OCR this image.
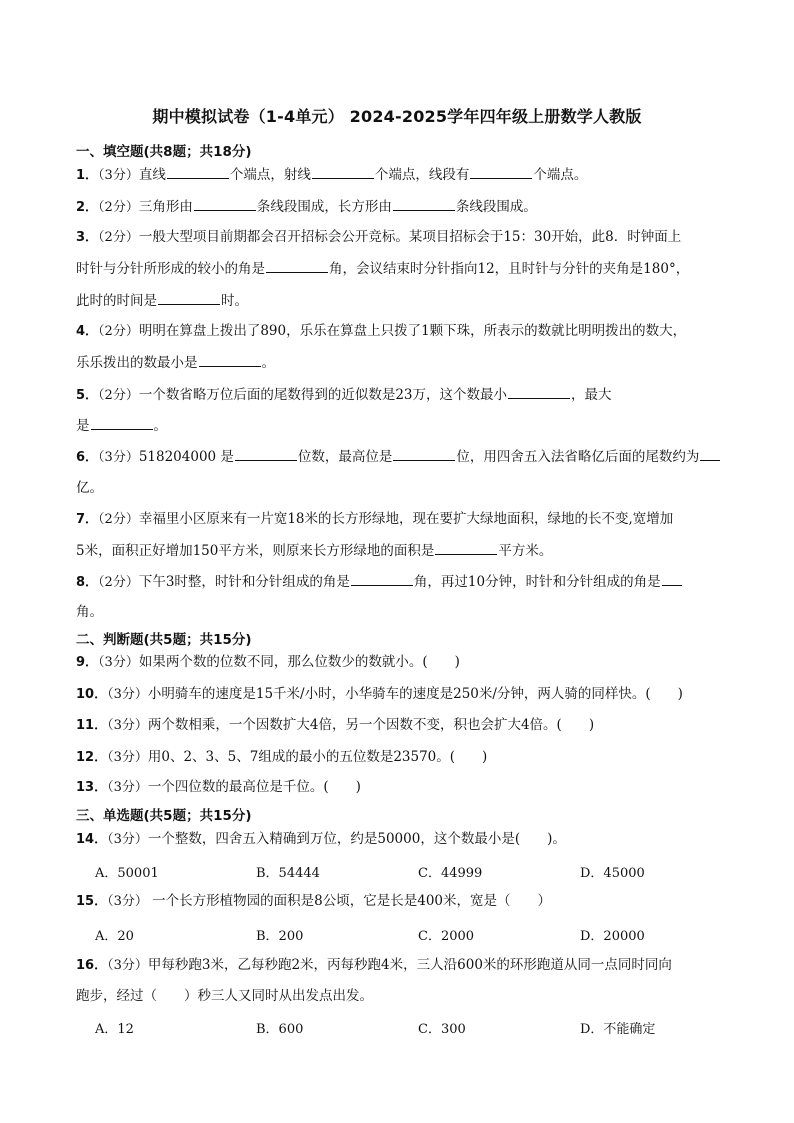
期中模拟试卷（1-4单元） 2024-2025学年四年级上册数学人教版
一、填空题(共8题；共18分)
1．（3分）直线	个端点，射线	个端点，线段有	个端点。
2．（2分）三角形由	条线段围成，长方形由	条线段围成。
3．（2分）一般大型项目前期都会召开招标会公开竞标。某项目招标会于15：30开始，此8．时钟面上
时针与分针所形成的较小的角是	角，会议结束时分针指向12，且时针与分针的夹角是180°，
此时的时间是	时。
4．（2分）明明在算盘上拨出了890，乐乐在算盘上只拨了1颗下珠，所表示的数就比明明拨出的数大，
乐乐拨出的数最小是	。
5．（2分）一个数省略万位后面的尾数得到的近似数是23万，这个数最小	，最大
是	。
6．（3分）518204000 是	位数，最高位是	位，用四舍五入法省略亿后面的尾数约为
亿。
7．（2分）幸福里小区原来有一片宽18米的长方形绿地，现在要扩大绿地面积，绿地的长不变,宽增加
5米，面积正好增加150平方米，则原来长方形绿地的面积是	平方米。
8．（2分）下午3时整，时针和分针组成的角是	角，再过10分钟，时针和分针组成的角是
角。
二、判断题(共5题；共15分)
9．（3分）如果两个数的位数不同，那么位数少的数就小。(　　)
10．（3分）小明骑车的速度是15千米/小时，小华骑车的速度是250米/分钟，两人骑的同样快。(　　)
11．（3分）两个数相乘，一个因数扩大4倍，另一个因数不变，积也会扩大4倍。(　　)
12．（3分）用0、2、3、5、7组成的最小的五位数是23570。(　　)
13．（3分）一个四位数的最高位是千位。(　　)
三、单选题(共5题；共15分)
14．（3分）一个整数，四舍五入精确到万位，约是50000，这个数最小是(　　)。
A．50001	B．54444	C．44999	D．45000
15．（3分） 一个长方形植物园的面积是8公顷，它是长是400米，宽是（　　）
A．20	B．200	C．2000	D．20000
16．（3分）甲每秒跑3米，乙每秒跑2米，丙每秒跑4米，三人沿600米的环形跑道从同一点同时同向
跑步，经过（　　）秒三人又同时从出发点出发。
A．12	B．600	C．300	D．不能确定
